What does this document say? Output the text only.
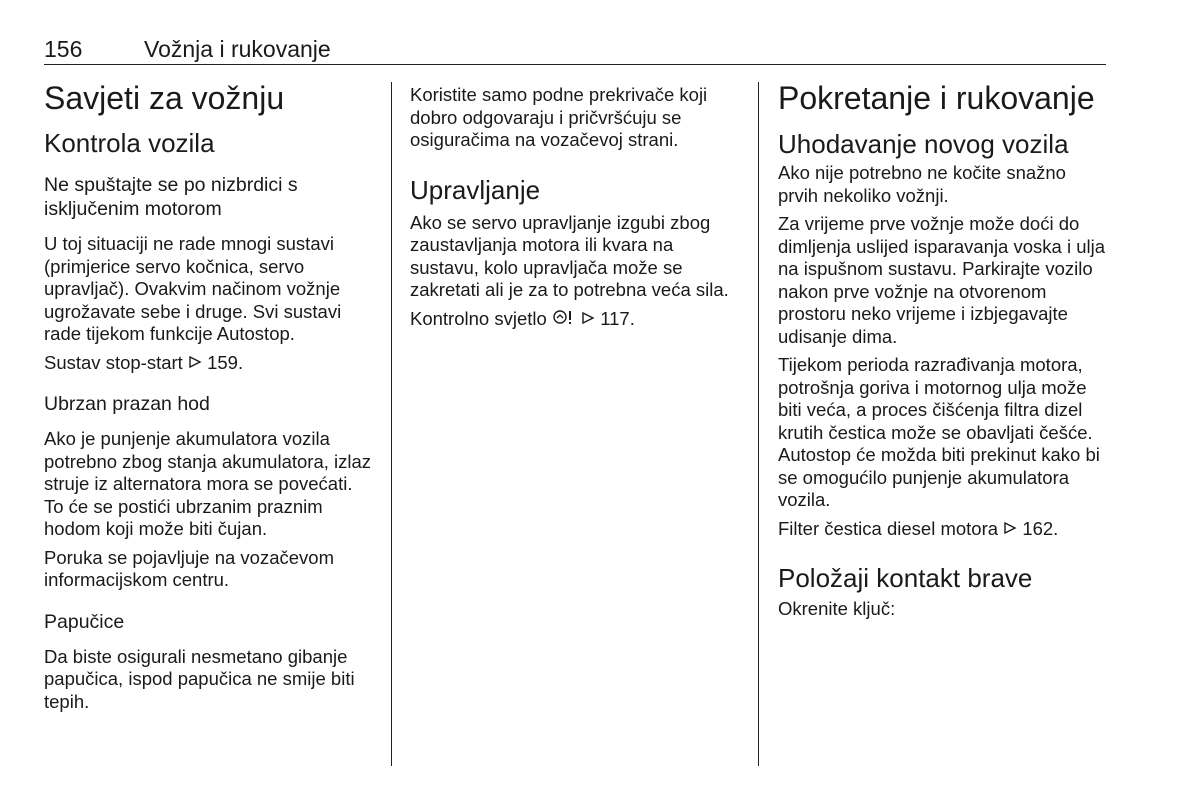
156	Vožnja i rukovanje
Savjeti za vožnju
Kontrola vozila
Ne spuštajte se po nizbrdici s isključenim motorom

U toj situaciji ne rade mnogi sustavi (primjerice servo kočnica, servo upravljač). Ovakvim načinom vožnje ugrožavate sebe i druge. Svi sustavi rade tijekom funkcije Autostop.

Sustav stop-start 159.

Ubrzan prazan hod

Ako je punjenje akumulatora vozila potrebno zbog stanja akumulatora, izlaz struje iz alternatora mora se povećati. To će se postići ubrzanim praznim hodom koji može biti čujan.

Poruka se pojavljuje na vozačevom informacijskom centru.

Papučice

Da biste osigurali nesmetano gibanje papučica, ispod papučica ne smije biti tepih.

Koristite samo podne prekrivače koji dobro odgovaraju i pričvršćuju se osiguračima na vozačevoj strani.

Upravljanje

Ako se servo upravljanje izgubi zbog zaustavljanja motora ili kvara na sustavu, kolo upravljača može se zakretati ali je za to potrebna veća sila.

Kontrolno svjetlo	117.

Pokretanje i rukovanje
Uhodavanje novog vozila

Ako nije potrebno ne kočite snažno prvih nekoliko vožnji.

Za vrijeme prve vožnje može doći do dimljenja uslijed isparavanja voska i ulja na ispušnom sustavu. Parkirajte vozilo nakon prve vožnje na otvorenom prostoru neko vrijeme i izbjegavajte udisanje dima.

Tijekom perioda razrađivanja motora, potrošnja goriva i motornog ulja može biti veća, a proces čišćenja filtra dizel krutih čestica može se obavljati češće. Autostop će možda biti prekinut kako bi se omogućilo punjenje akumulatora vozila.

Filter čestica diesel motora 162.

Položaji kontakt brave

Okrenite ključ:
